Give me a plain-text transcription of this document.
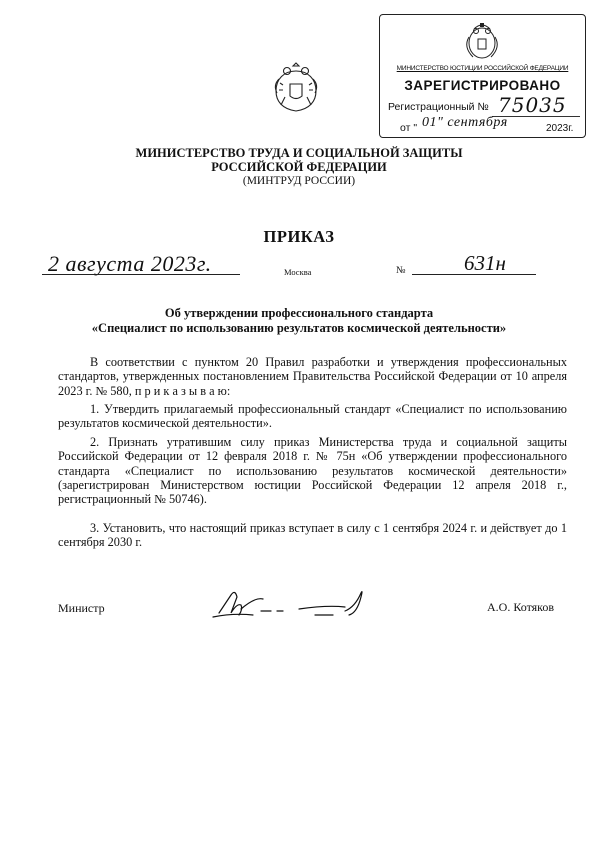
МИНИСТЕРСТВО ЮСТИЦИИ РОССИЙСКОЙ ФЕДЕРАЦИИ
ЗАРЕГИСТРИРОВАНО
Регистрационный № 75035
от " 01" сентября	2023г.
МИНИСТЕРСТВО ТРУДА И СОЦИАЛЬНОЙ ЗАЩИТЫ
РОССИЙСКОЙ ФЕДЕРАЦИИ
(МИНТРУД РОССИИ)
ПРИКАЗ
2 августа 2023г.	Москва	№	631н
Об утверждении профессионального стандарта
«Специалист по использованию результатов космической деятельности»
В соответствии с пунктом 20 Правил разработки и утверждения профессиональных стандартов, утвержденных постановлением Правительства Российской Федерации от 10 апреля 2023 г. № 580, п р и к а з ы в а ю:
1. Утвердить прилагаемый профессиональный стандарт «Специалист по использованию результатов космической деятельности».
2. Признать утратившим силу приказ Министерства труда и социальной защиты Российской Федерации от 12 февраля 2018 г. № 75н «Об утверждении профессионального стандарта «Специалист по использованию результатов космической деятельности» (зарегистрирован Министерством юстиции Российской Федерации 12 апреля 2018 г., регистрационный № 50746).
3. Установить, что настоящий приказ вступает в силу с 1 сентября 2024 г. и действует до 1 сентября 2030 г.
Министр	А.О. Котяков
